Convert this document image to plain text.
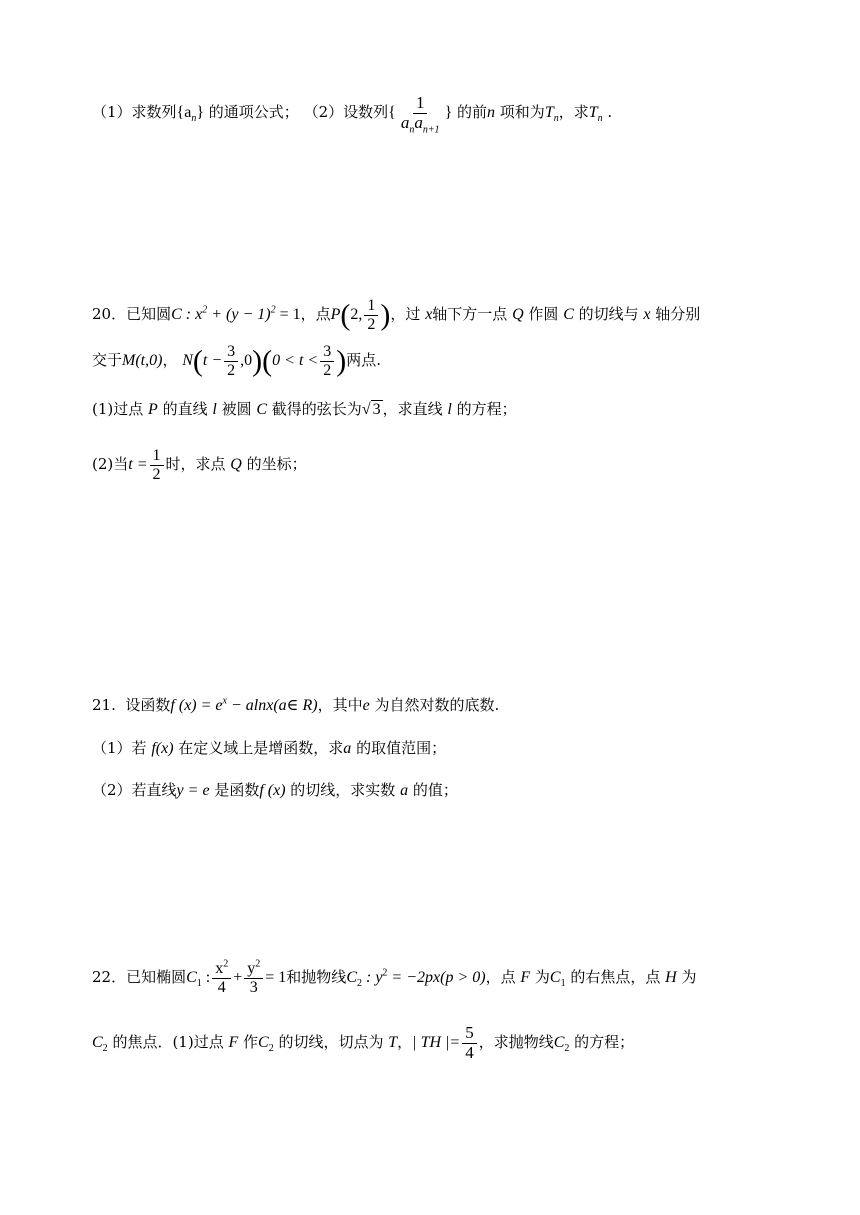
（1）求数列$\{a_n\}$ 的通项公式； （2）设数列{ $\frac{1}{a_na_{n+1}}$ } 的前n 项和为$T_n$，求$T_n$ .
20．已知圆C : $x^2 + (y - 1)^2 = 1$，点P(2, $\frac{1}{2}$ )，过 x轴下方一点 Q 作圆 C 的切线与 x 轴分别
交于M(t,0)， $N(t - \frac{3}{2} ,0)(0 < t < \frac{3}{2}$ )两点.
(1)过点 P 的直线 l 被圆 C 截得的弦长为√ 3 ，求直线 l 的方程；
(2)当$t = \frac{1}{2}$ 时，求点 Q 的坐标；
21. 设函数f $(x) = e^x$ − alnx(a∈ R)，其中e 为自然对数的底数.
（1）若 f(x) 在定义域上是增函数，求a 的取值范围；
（2）若直线y = e 是函数f (x) 的切线，求实数 a 的值；
22．已知椭圆$C_1$ : $\frac{x^2}{4} + \frac{y^2}{3} = 1$和抛物线$C_2$ : $y^2 = -2px(p > 0)$，点 F 为$C_1$ 的右焦点，点 H 为
$C_2$ 的焦点．(1)过点 F 作$C_2$ 的切线，切点为 T，| TH |= $\frac{5}{4}$ ，求抛物线$C_2$ 的方程；
